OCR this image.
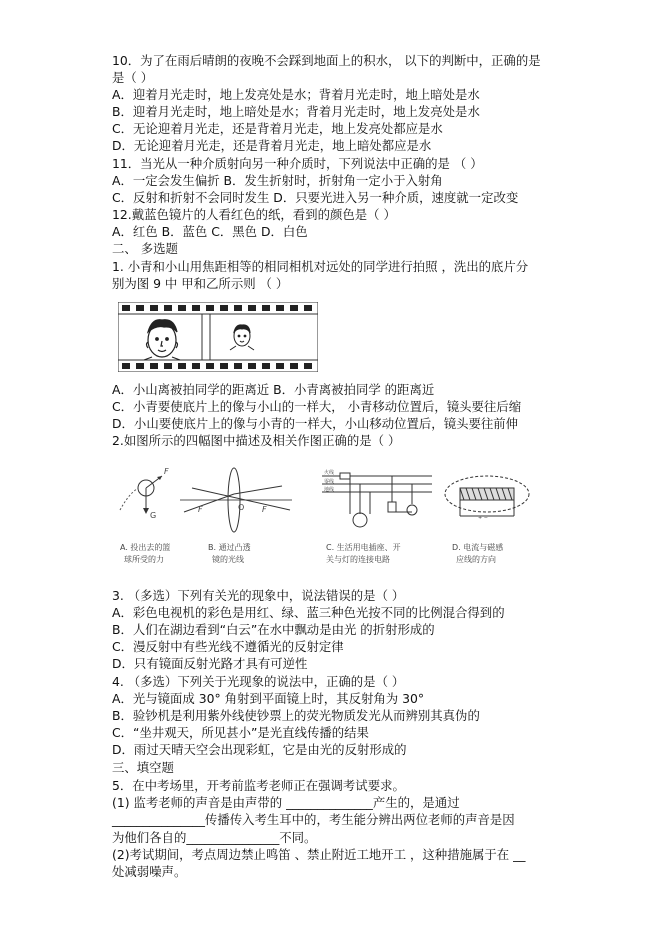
10．为了在雨后晴朗的夜晚不会踩到地面上的积水， 以下的判断中，正确的是
是（ ）
A．迎着月光走时，地上发亮处是水；背着月光走时，地上暗处是水
B．迎着月光走时，地上暗处是水；背着月光走时，地上发亮处是水
C．无论迎着月光走，还是背着月光走，地上发亮处都应是水
D．无论迎着月光走，还是背着月光走，地上暗处都应是水
11．当光从一种介质射向另一种介质时，下列说法中正确的是 （ ）
A．一定会发生偏折 B．发生折射时，折射角一定小于入射角
C．反射和折射不会同时发生 D．只要光进入另一种介质，速度就一定改变
12.戴蓝色镜片的人看红色的纸，看到的颜色是（ ）
A．红色 B．蓝色 C．黑色 D．白色
二、 多选题
1. 小青和小山用焦距相等的相同相机对远处的同学进行拍照 ，洗出的底片分
别为图 9 中 甲和乙所示则 （ ）
A．小山离被拍同学的距离近 B．小青离被拍同学 的距离近
C．小青要使底片上的像与小山的一样大， 小青移动位置后，镜头要往后缩
D．小山要使底片上的像与小青的一样大，小山移动位置后，镜头要往前伸
2.如图所示的四幅图中描述及相关作图正确的是（ ）
F
G
F	F
O
火线
零线
地线
+ −
A. 投出去的篮
球所受的力
B. 通过凸透
镜的光线
C. 生活用电插座、开
关与灯的连接电路
D. 电流与磁感
应线的方向
3. （多选）下列有关光的现象中，说法错误的是（ ）
A．彩色电视机的彩色是用红、绿、蓝三种色光按不同的比例混合得到的
B．人们在湖边看到“白云”在水中飘动是由光 的折射形成的
C．漫反射中有些光线不遵循光的反射定律
D．只有镜面反射光路才具有可逆性
4. （多选）下列关于光现象的说法中，正确的是（ ）
A．光与镜面成 30° 角射到平面镜上时，其反射角为 30°
B．验钞机是利用紫外线使钞票上的荧光物质发光从而辨别其真伪的
C．“坐井观天，所见甚小”是光直线传播的结果
D．雨过天晴天空会出现彩虹，它是由光的反射形成的
三、填空题
5．在中考场里，开考前监考老师正在强调考试要求。
(1) 监考老师的声音是由声带的 ______________产生的，是通过
_______________传播传入考生耳中的，考生能分辨出两位老师的声音是因
为他们各自的_______________不同。
(2)考试期间，考点周边禁止鸣笛 、禁止附近工地开工 ，这种措施属于在 __
处减弱噪声。
